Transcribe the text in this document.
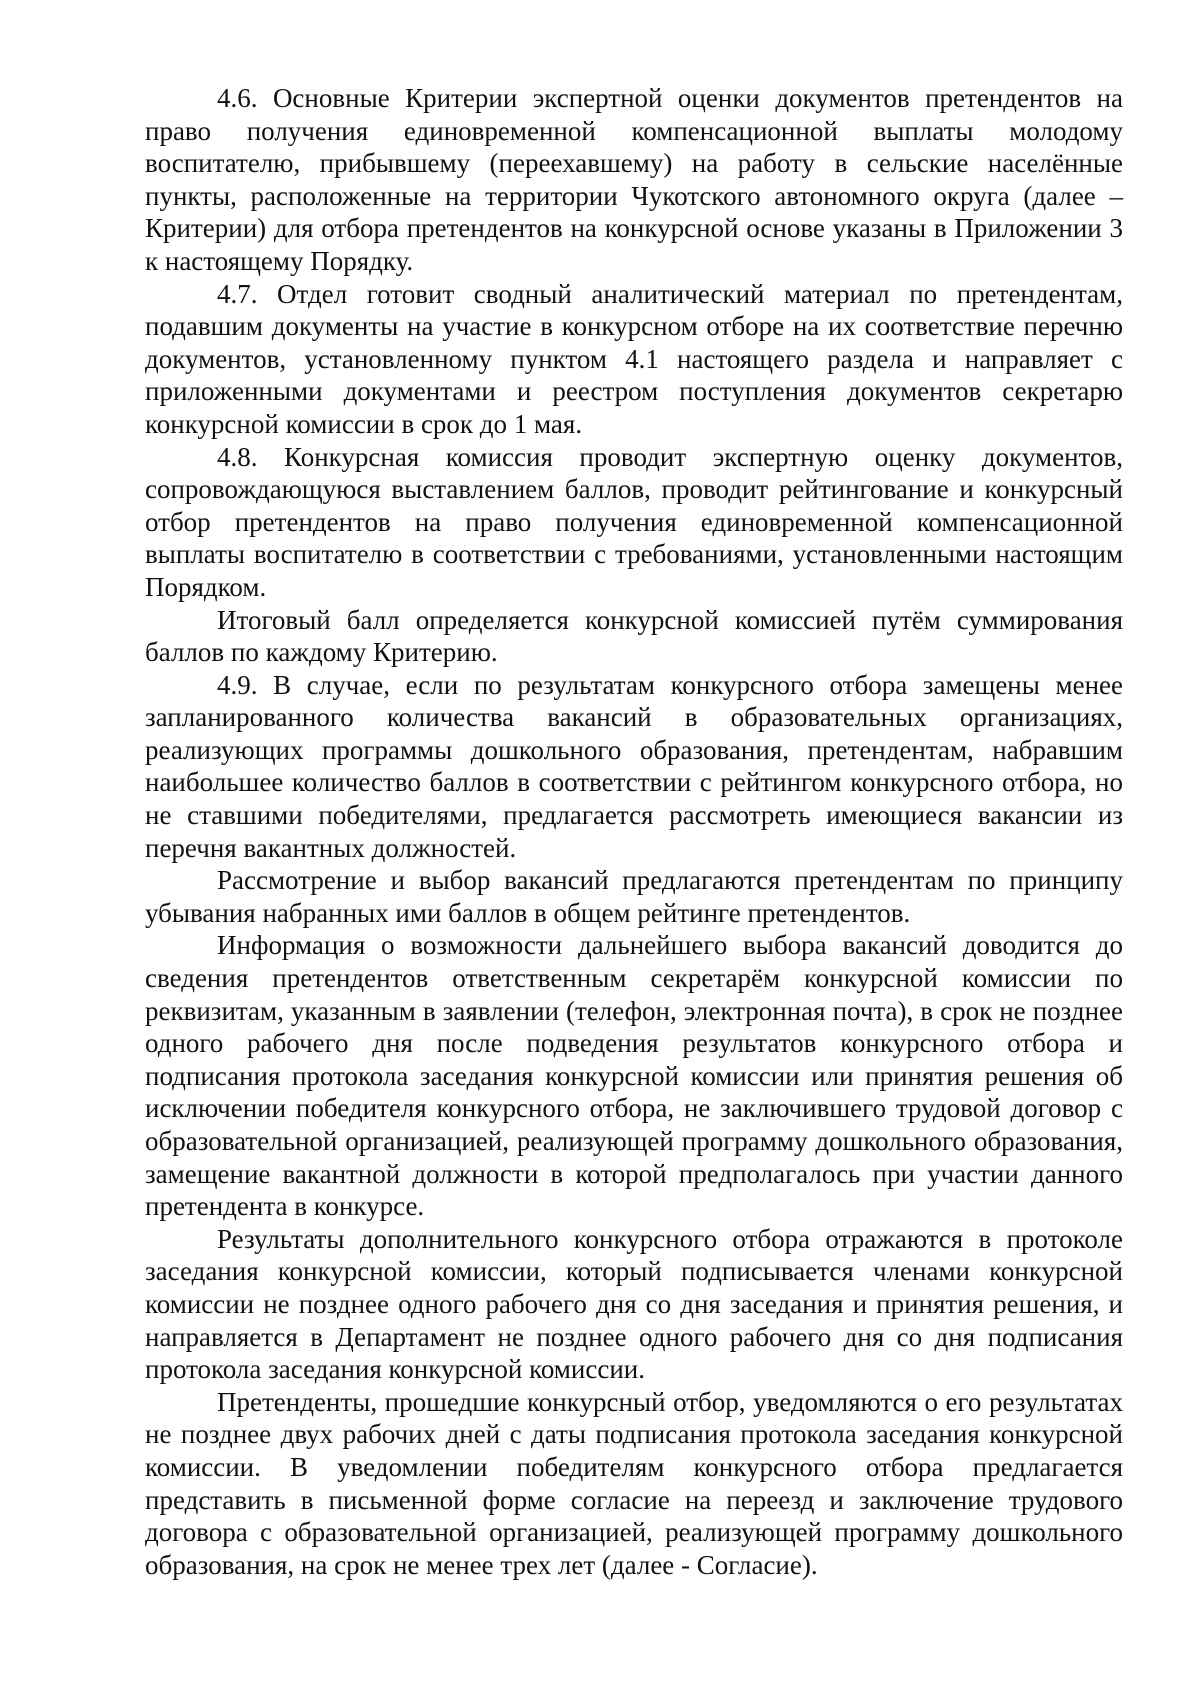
4.6. Основные Критерии экспертной оценки документов претендентов на право получения единовременной компенсационной выплаты молодому воспитателю, прибывшему (переехавшему) на работу в сельские населённые пункты, расположенные на территории Чукотского автономного округа (далее – Критерии) для отбора претендентов на конкурсной основе указаны в Приложении 3 к настоящему Порядку.

4.7. Отдел готовит сводный аналитический материал по претендентам, подавшим документы на участие в конкурсном отборе на их соответствие перечню документов, установленному пунктом 4.1 настоящего раздела и направляет с приложенными документами и реестром поступления документов секретарю конкурсной комиссии в срок до 1 мая.

4.8. Конкурсная комиссия проводит экспертную оценку документов, сопровождающуюся выставлением баллов, проводит рейтингование и конкурсный отбор претендентов на право получения единовременной компенсационной выплаты воспитателю в соответствии с требованиями, установленными настоящим Порядком.

Итоговый балл определяется конкурсной комиссией путём суммирования баллов по каждому Критерию.

4.9. В случае, если по результатам конкурсного отбора замещены менее запланированного количества вакансий в образовательных организациях, реализующих программы дошкольного образования, претендентам, набравшим наибольшее количество баллов в соответствии с рейтингом конкурсного отбора, но не ставшими победителями, предлагается рассмотреть имеющиеся вакансии из перечня вакантных должностей.

Рассмотрение и выбор вакансий предлагаются претендентам по принципу убывания набранных ими баллов в общем рейтинге претендентов.

Информация о возможности дальнейшего выбора вакансий доводится до сведения претендентов ответственным секретарём конкурсной комиссии по реквизитам, указанным в заявлении (телефон, электронная почта), в срок не позднее одного рабочего дня после подведения результатов конкурсного отбора и подписания протокола заседания конкурсной комиссии или принятия решения об исключении победителя конкурсного отбора, не заключившего трудовой договор с образовательной организацией, реализующей программу дошкольного образования, замещение вакантной должности в которой предполагалось при участии данного претендента в конкурсе.

Результаты дополнительного конкурсного отбора отражаются в протоколе заседания конкурсной комиссии, который подписывается членами конкурсной комиссии не позднее одного рабочего дня со дня заседания и принятия решения, и направляется в Департамент не позднее одного рабочего дня со дня подписания протокола заседания конкурсной комиссии.

Претенденты, прошедшие конкурсный отбор, уведомляются о его результатах не позднее двух рабочих дней с даты подписания протокола заседания конкурсной комиссии. В уведомлении победителям конкурсного отбора предлагается представить в письменной форме согласие на переезд и заключение трудового договора с образовательной организацией, реализующей программу дошкольного образования, на срок не менее трех лет (далее - Согласие).
